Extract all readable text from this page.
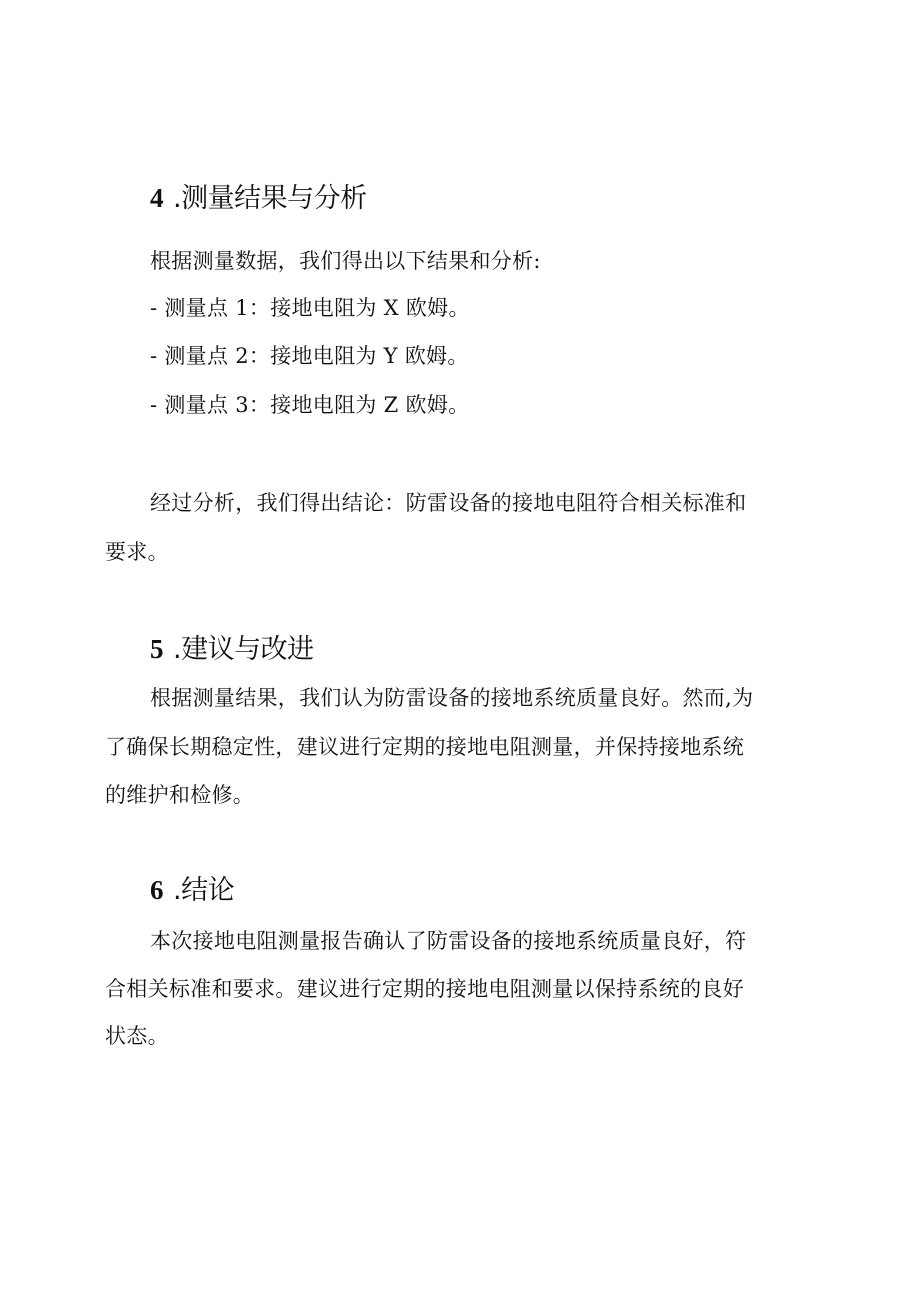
4 .测量结果与分析
根据测量数据，我们得出以下结果和分析:
- 测量点 1：接地电阻为 X 欧姆。
- 测量点 2：接地电阻为 Y 欧姆。
- 测量点 3：接地电阻为 Z 欧姆。
经过分析，我们得出结论：防雷设备的接地电阻符合相关标准和
要求。
5 .建议与改进
根据测量结果，我们认为防雷设备的接地系统质量良好。然而,为
了确保长期稳定性，建议进行定期的接地电阻测量，并保持接地系统
的维护和检修。
6 .结论
本次接地电阻测量报告确认了防雷设备的接地系统质量良好，符
合相关标准和要求。建议进行定期的接地电阻测量以保持系统的良好
状态。
